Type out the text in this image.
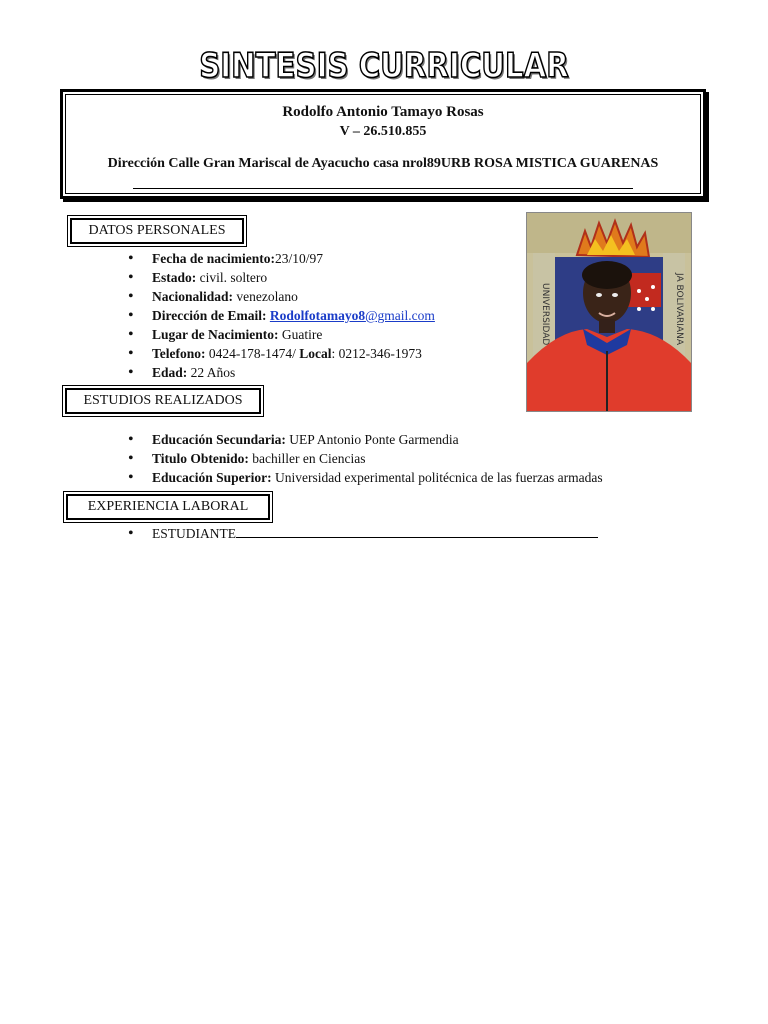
SINTESIS CURRICULAR
Rodolfo Antonio Tamayo Rosas
V – 26.510.855
Dirección Calle Gran Mariscal de Ayacucho casa nrol89URB ROSA MISTICA GUARENAS
DATOS PERSONALES
• Fecha de nacimiento:23/10/97
• Estado: civil. soltero
• Nacionalidad: venezolano
• Dirección de Email: Rodolfotamayo8@gmail.com
• Lugar de Nacimiento: Guatire
• Telefono: 0424-178-1474/ Local: 0212-346-1973
• Edad: 22 Años
UNIVERSIDAD	JA BOLIVARIANA
ESTUDIOS REALIZADOS
• Educación Secundaria: UEP Antonio Ponte Garmendia
• Titulo Obtenido: bachiller en Ciencias
• Educación Superior: Universidad experimental politécnica de las fuerzas armadas
EXPERIENCIA LABORAL
• ESTUDIANTE
